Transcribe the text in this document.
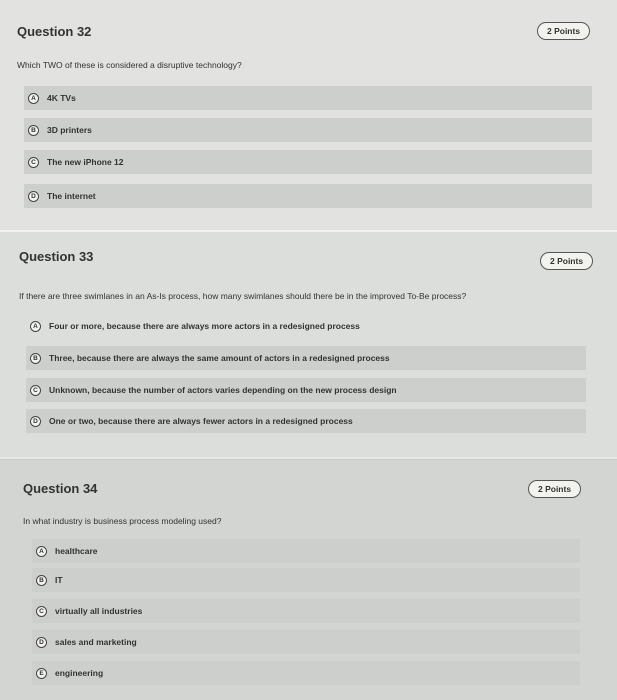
Question 32	2 Points
Which TWO of these is considered a disruptive technology?
A	4K TVs
B	3D printers
C	The new iPhone 12
D	The internet
Question 33	2 Points
If there are three swimlanes in an As-Is process, how many swimlanes should there be in the improved To-Be process?
A	Four or more, because there are always more actors in a redesigned process
B	Three, because there are always the same amount of actors in a redesigned process
C	Unknown, because the number of actors varies depending on the new process design
D	One or two, because there are always fewer actors in a redesigned process
Question 34	2 Points
In what industry is business process modeling used?
A	healthcare
B	IT
C	virtually all industries
D	sales and marketing
E	engineering
